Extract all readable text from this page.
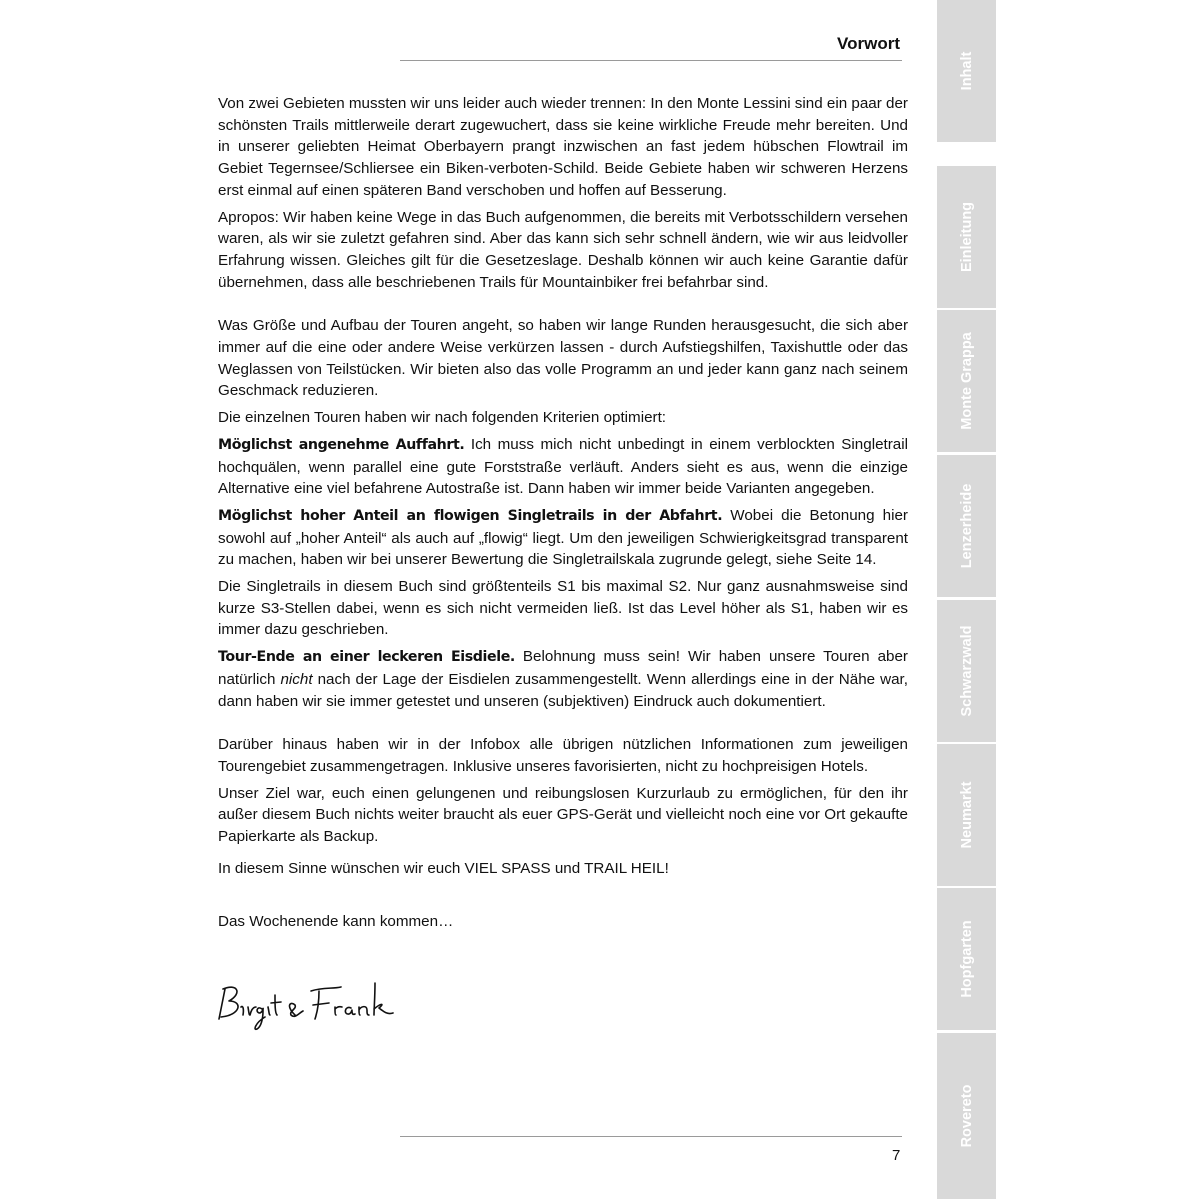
Vorwort

Von zwei Gebieten mussten wir uns leider auch wieder trennen: In den Monte Lessini sind ein paar der schönsten Trails mittlerweile derart zugewuchert, dass sie keine wirkliche Freude mehr bereiten. Und in unserer geliebten Heimat Oberbayern prangt inzwischen an fast jedem hübschen Flowtrail im Gebiet Tegernsee/Schliersee ein Biken-verboten-Schild. Beide Gebiete haben wir schweren Herzens erst einmal auf einen späteren Band verschoben und hoffen auf Besserung.

Apropos: Wir haben keine Wege in das Buch aufgenommen, die bereits mit Verbotsschildern versehen waren, als wir sie zuletzt gefahren sind. Aber das kann sich sehr schnell ändern, wie wir aus leidvoller Erfahrung wissen. Gleiches gilt für die Gesetzeslage. Deshalb können wir auch keine Garantie dafür übernehmen, dass alle beschriebenen Trails für Mountainbiker frei befahrbar sind.

Was Größe und Aufbau der Touren angeht, so haben wir lange Runden herausgesucht, die sich aber immer auf die eine oder andere Weise verkürzen lassen - durch Aufstiegshilfen, Taxishuttle oder das Weglassen von Teilstücken. Wir bieten also das volle Programm an und jeder kann ganz nach seinem Geschmack reduzieren.

Die einzelnen Touren haben wir nach folgenden Kriterien optimiert:

Möglichst angenehme Auffahrt. Ich muss mich nicht unbedingt in einem verblockten Singletrail hochquälen, wenn parallel eine gute Forststraße verläuft. Anders sieht es aus, wenn die einzige Alternative eine viel befahrene Autostraße ist. Dann haben wir immer beide Varianten angegeben.

Möglichst hoher Anteil an flowigen Singletrails in der Abfahrt. Wobei die Betonung hier sowohl auf „hoher Anteil“ als auch auf „flowig“ liegt. Um den jeweiligen Schwierigkeitsgrad transparent zu machen, haben wir bei unserer Bewertung die Singletrailskala zugrunde gelegt, siehe Seite 14.

Die Singletrails in diesem Buch sind größtenteils S1 bis maximal S2. Nur ganz ausnahmsweise sind kurze S3-Stellen dabei, wenn es sich nicht vermeiden ließ. Ist das Level höher als S1, haben wir es immer dazu geschrieben.

Tour-Ende an einer leckeren Eisdiele. Belohnung muss sein! Wir haben unsere Touren aber natürlich nicht nach der Lage der Eisdielen zusammengestellt. Wenn allerdings eine in der Nähe war, dann haben wir sie immer getestet und unseren (subjektiven) Eindruck auch dokumentiert.

Darüber hinaus haben wir in der Infobox alle übrigen nützlichen Informationen zum jeweiligen Tourengebiet zusammengetragen. Inklusive unseres favorisierten, nicht zu hochpreisigen Hotels.

Unser Ziel war, euch einen gelungenen und reibungslosen Kurzurlaub zu ermöglichen, für den ihr außer diesem Buch nichts weiter braucht als euer GPS-Gerät und vielleicht noch eine vor Ort gekaufte Papierkarte als Backup.

In diesem Sinne wünschen wir euch VIEL SPASS und TRAIL HEIL!

Das Wochenende kann kommen…

7
Inhalt
Einleitung
Monte Grappa
Lenzerheide
Schwarzwald
Neumarkt
Hopfgarten
Rovereto
